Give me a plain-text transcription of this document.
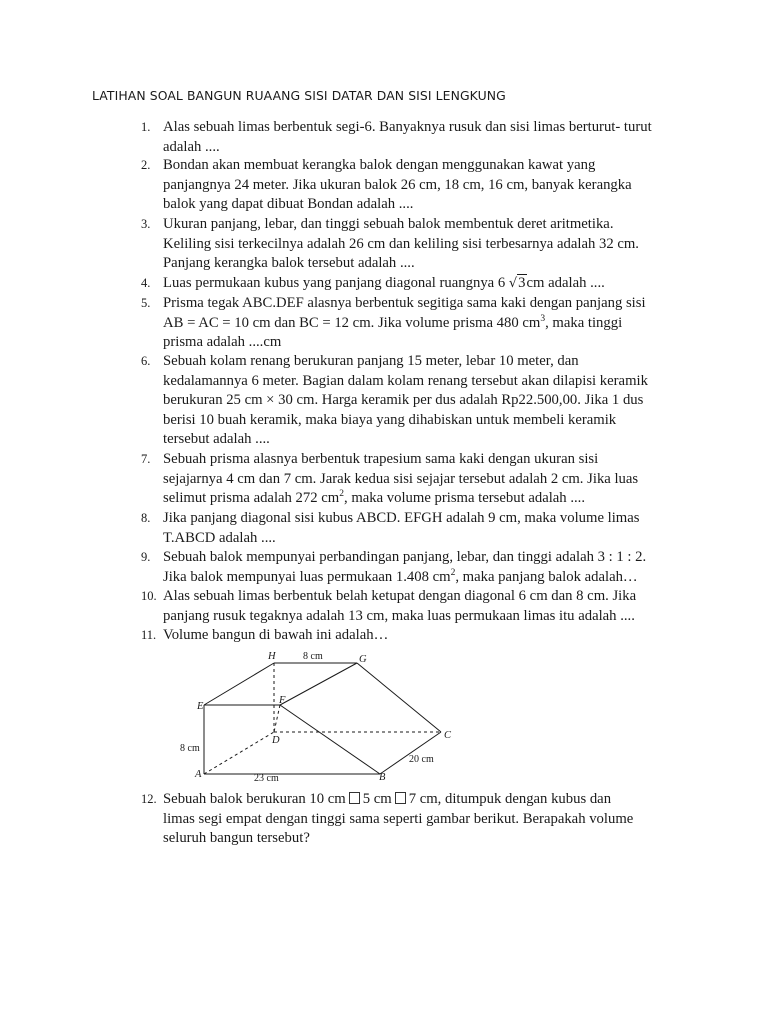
LATIHAN SOAL BANGUN RUAANG SISI DATAR DAN SISI LENGKUNG
1. Alas sebuah limas berbentuk segi-6. Banyaknya rusuk dan sisi limas berturut- turut
adalah ....
2. Bondan akan membuat kerangka balok dengan menggunakan kawat yang
panjangnya 24 meter. Jika ukuran balok 26 cm, 18 cm, 16 cm, banyak kerangka
balok yang dapat dibuat Bondan adalah ....
3. Ukuran panjang, lebar, dan tinggi sebuah balok membentuk deret aritmetika.
Keliling sisi terkecilnya adalah 26 cm dan keliling sisi terbesarnya adalah 32 cm.
Panjang kerangka balok tersebut adalah ....
4. Luas permukaan kubus yang panjang diagonal ruangnya 6 √3cm adalah ....
5. Prisma tegak ABC.DEF alasnya berbentuk segitiga sama kaki dengan panjang sisi
AB = AC = 10 cm dan BC = 12 cm. Jika volume prisma 480 $cm^3$, maka tinggi
prisma adalah ....cm
6. Sebuah kolam renang berukuran panjang 15 meter, lebar 10 meter, dan
kedalamannya 6 meter. Bagian dalam kolam renang tersebut akan dilapisi keramik
berukuran 25 cm × 30 cm. Harga keramik per dus adalah Rp22.500,00. Jika 1 dus
berisi 10 buah keramik, maka biaya yang dihabiskan untuk membeli keramik
tersebut adalah ....
7. Sebuah prisma alasnya berbentuk trapesium sama kaki dengan ukuran sisi
sejajarnya 4 cm dan 7 cm. Jarak kedua sisi sejajar tersebut adalah 2 cm. Jika luas
selimut prisma adalah 272 $cm^2$, maka volume prisma tersebut adalah ....
8. Jika panjang diagonal sisi kubus ABCD. EFGH adalah 9 cm, maka volume limas
T.ABCD adalah ....
9. Sebuah balok mempunyai perbandingan panjang, lebar, dan tinggi adalah 3 : 1 : 2.
Jika balok mempunyai luas permukaan 1.408 $cm^2$, maka panjang balok adalah…
10. Alas sebuah limas berbentuk belah ketupat dengan diagonal 6 cm dan 8 cm. Jika
panjang rusuk tegaknya adalah 13 cm, maka luas permukaan limas itu adalah ....
11. Volume bangun di bawah ini adalah…
H	G
E
F
D	C
A	B
8 cm
8 cm
23 cm
20 cm
12. Sebuah balok berukuran 10 cm 5 cm 7 cm, ditumpuk dengan kubus dan
limas segi empat dengan tinggi sama seperti gambar berikut. Berapakah volume
seluruh bangun tersebut?
